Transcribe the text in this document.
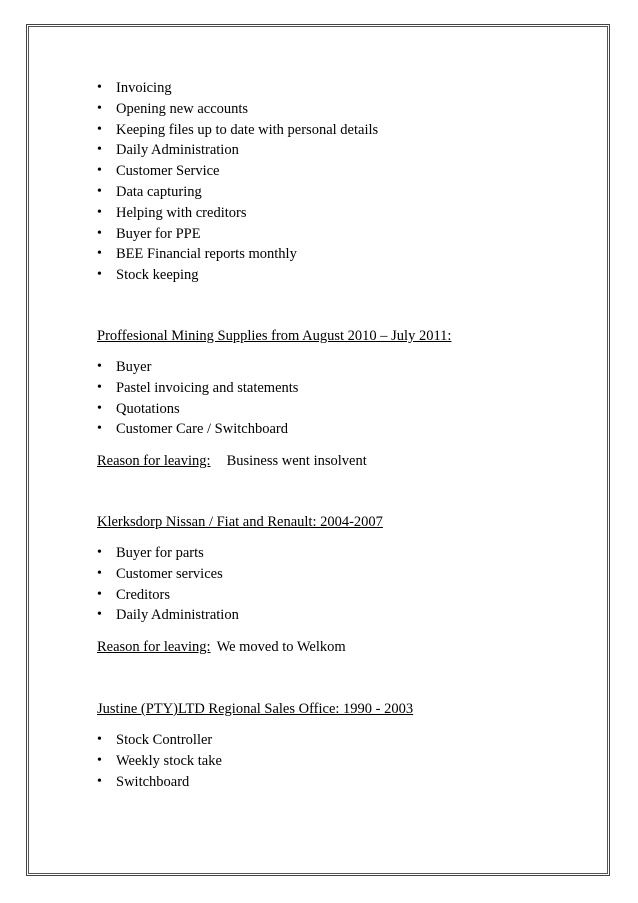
• Invoicing
• Opening new accounts
• Keeping files up to date with personal details
• Daily Administration
• Customer Service
• Data capturing
• Helping with creditors
• Buyer for PPE
• BEE Financial reports monthly
• Stock keeping
Proffesional Mining Supplies from August 2010 – July 2011:
• Buyer
• Pastel invoicing and statements
• Quotations
• Customer Care / Switchboard
Reason for leaving: Business went insolvent
Klerksdorp Nissan / Fiat and Renault: 2004-2007
• Buyer for parts
• Customer services
• Creditors
• Daily Administration
Reason for leaving: We moved to Welkom
Justine (PTY)LTD Regional Sales Office: 1990 - 2003
• Stock Controller
• Weekly stock take
• Switchboard
